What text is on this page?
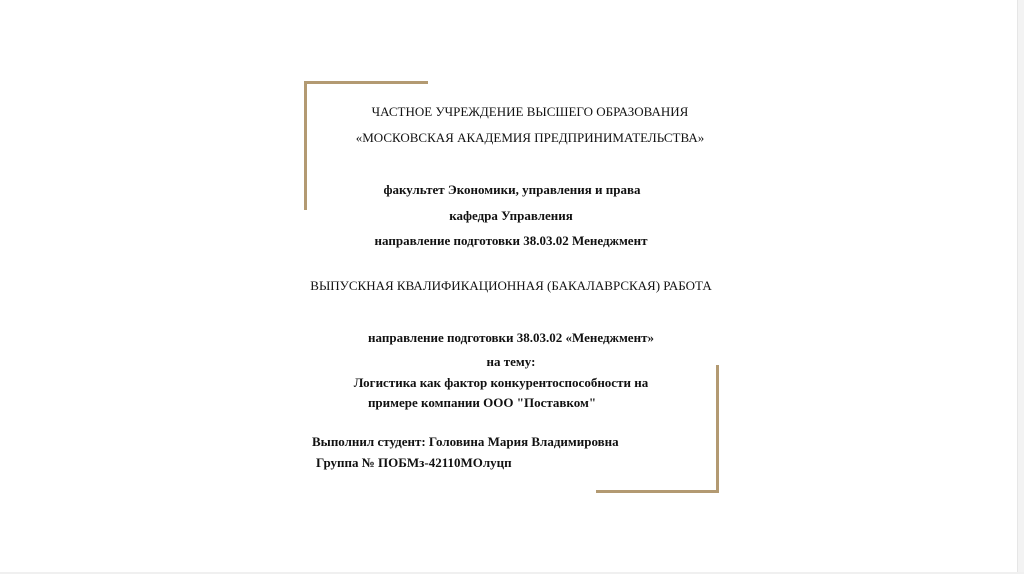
ЧАСТНОЕ УЧРЕЖДЕНИЕ ВЫСШЕГО ОБРАЗОВАНИЯ
«МОСКОВСКАЯ АКАДЕМИЯ ПРЕДПРИНИМАТЕЛЬСТВА»
факультет Экономики, управления и права
кафедра Управления
направление подготовки 38.03.02 Менеджмент
ВЫПУСКНАЯ КВАЛИФИКАЦИОННАЯ (БАКАЛАВРСКАЯ) РАБОТА
направление подготовки 38.03.02 «Менеджмент»
на тему:
Логистика как фактор конкурентоспособности на
примере компании ООО "Поставком"
Выполнил студент: Головина Мария Владимировна
Группа № ПОБМз-42110МОлуцп
